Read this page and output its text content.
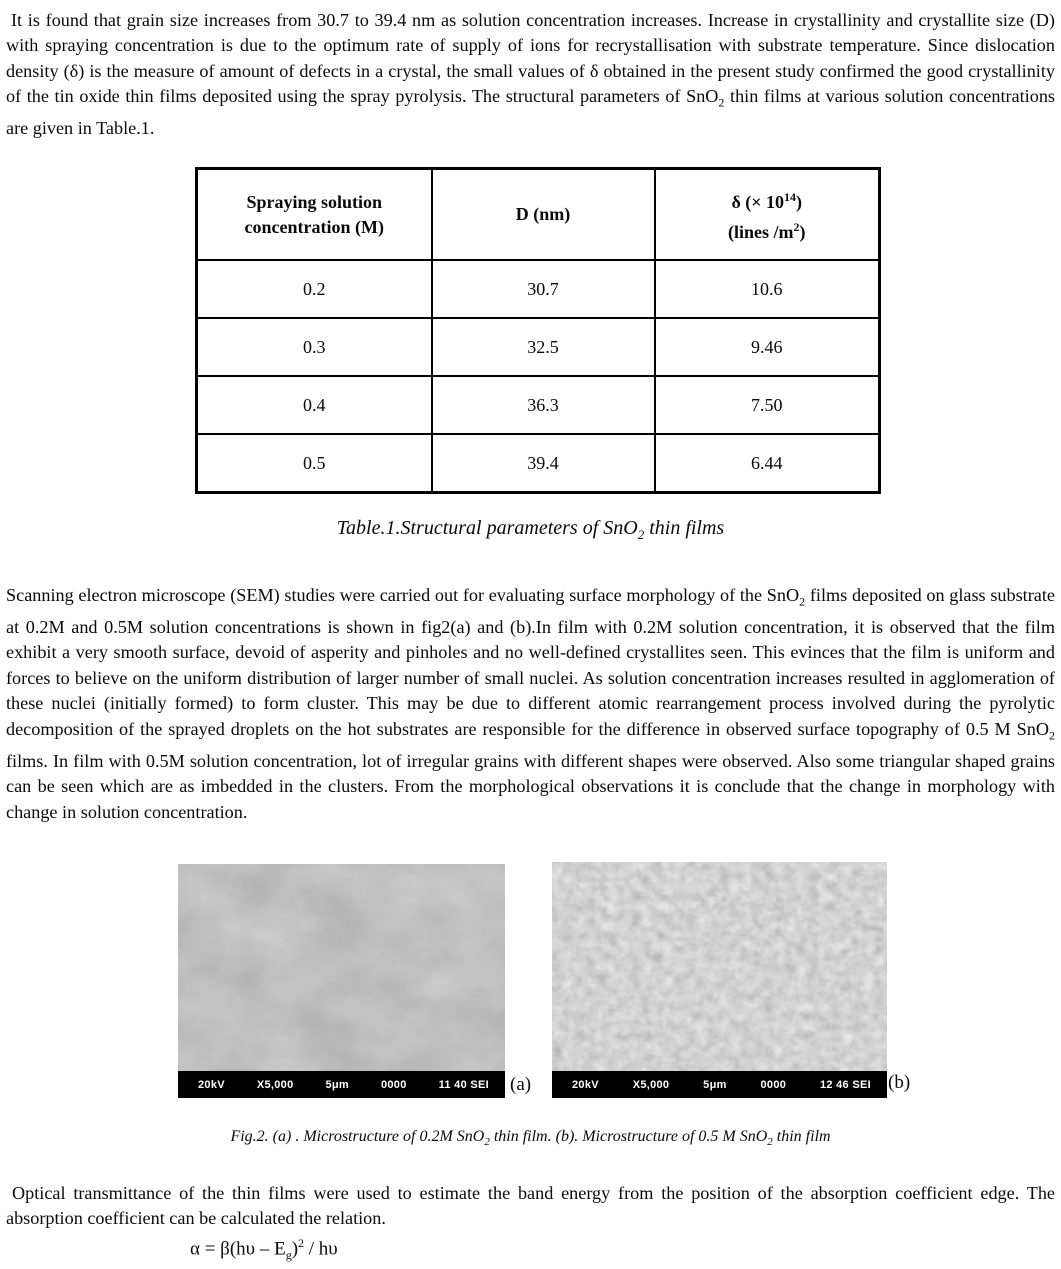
It is found that grain size increases from 30.7 to 39.4 nm as solution concentration increases. Increase in crystallinity and crystallite size (D) with spraying concentration is due to the optimum rate of supply of ions for recrystallisation with substrate temperature. Since dislocation density (δ) is the measure of amount of defects in a crystal, the small values of δ obtained in the present study confirmed the good crystallinity of the tin oxide thin films deposited using the spray pyrolysis. The structural parameters of SnO$_2$ thin films at various solution concentrations are given in Table.1.

Spraying solution
concentration (M)	D (nm)	δ (× $10^{14}$)
(lines $/m^2$)
0.2	30.7	10.6
0.3	32.5	9.46
0.4	36.3	7.50
0.5	39.4	6.44
Table.1.Structural parameters of SnO$_2$ thin films

Scanning electron microscope (SEM) studies were carried out for evaluating surface morphology of the SnO$_2$ films deposited on glass substrate at 0.2M and 0.5M solution concentrations is shown in fig2(a) and (b).In film with 0.2M solution concentration, it is observed that the film exhibit a very smooth surface, devoid of asperity and pinholes and no well-defined crystallites seen. This evinces that the film is uniform and forces to believe on the uniform distribution of larger number of small nuclei. As solution concentration increases resulted in agglomeration of these nuclei (initially formed) to form cluster. This may be due to different atomic rearrangement process involved during the pyrolytic decomposition of the sprayed droplets on the hot substrates are responsible for the difference in observed surface topography of 0.5 M SnO$_2$ films. In film with 0.5M solution concentration, lot of irregular grains with different shapes were observed. Also some triangular shaped grains can be seen which are as imbedded in the clusters. From the morphological observations it is conclude that the change in morphology with change in solution concentration.

20kV	X5,000	5μm	0000	11 40 SEI (a)	20kV	X5,000	5μm	0000	12 46 SEI (b)
Fig.2. (a) . Microstructure of 0.2M SnO$_2$ thin film. (b). Microstructure of 0.5 M SnO$_2$ thin film

Optical transmittance of the thin films were used to estimate the band energy from the position of the absorption coefficient edge. The absorption coefficient can be calculated the relation.

$\alpha = \beta(h\upsilon - E_g)^2 / h\upsilon$
